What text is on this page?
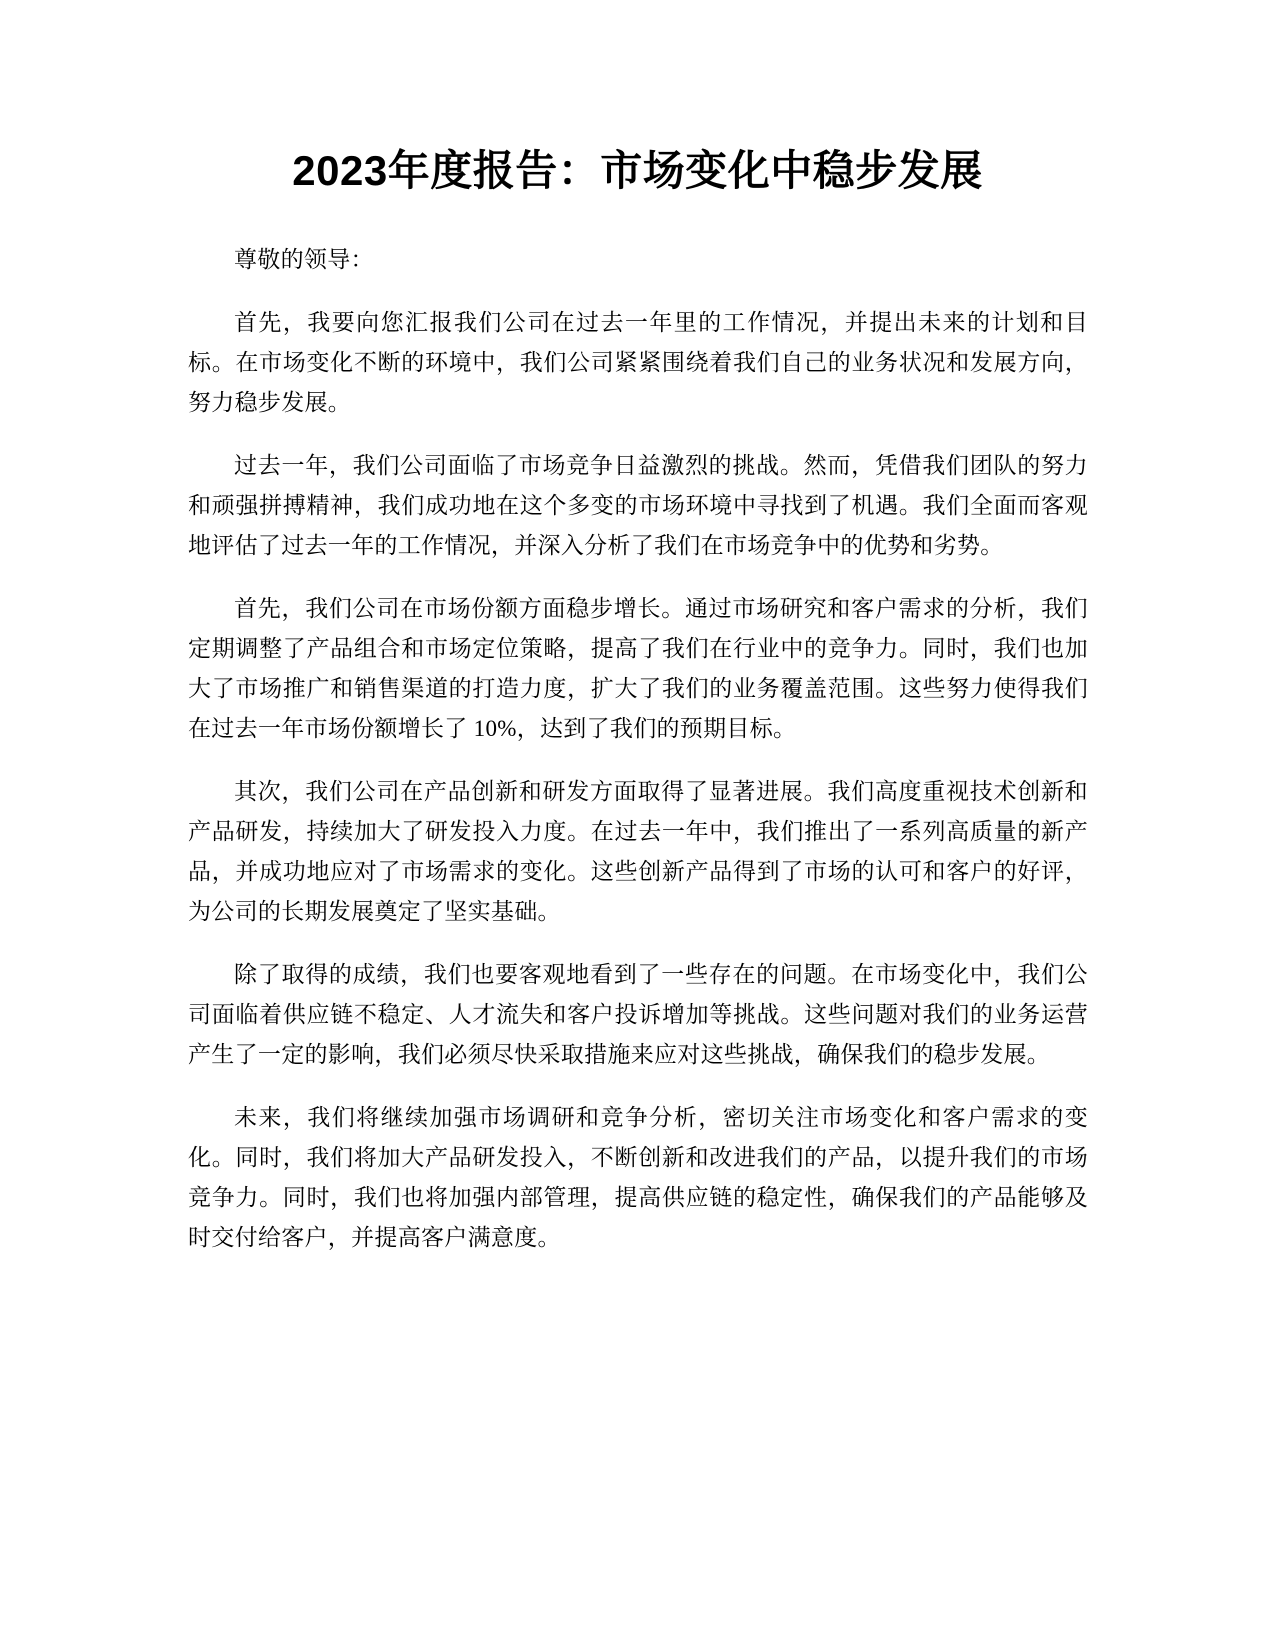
2023年度报告：市场变化中稳步发展

尊敬的领导：

首先，我要向您汇报我们公司在过去一年里的工作情况，并提出未来的计划和目标。在市场变化不断的环境中，我们公司紧紧围绕着我们自己的业务状况和发展方向，努力稳步发展。

过去一年，我们公司面临了市场竞争日益激烈的挑战。然而，凭借我们团队的努力和顽强拼搏精神，我们成功地在这个多变的市场环境中寻找到了机遇。我们全面而客观地评估了过去一年的工作情况，并深入分析了我们在市场竞争中的优势和劣势。

首先，我们公司在市场份额方面稳步增长。通过市场研究和客户需求的分析，我们定期调整了产品组合和市场定位策略，提高了我们在行业中的竞争力。同时，我们也加大了市场推广和销售渠道的打造力度，扩大了我们的业务覆盖范围。这些努力使得我们在过去一年市场份额增长了 10%，达到了我们的预期目标。

其次，我们公司在产品创新和研发方面取得了显著进展。我们高度重视技术创新和产品研发，持续加大了研发投入力度。在过去一年中，我们推出了一系列高质量的新产品，并成功地应对了市场需求的变化。这些创新产品得到了市场的认可和客户的好评，为公司的长期发展奠定了坚实基础。

除了取得的成绩，我们也要客观地看到了一些存在的问题。在市场变化中，我们公司面临着供应链不稳定、人才流失和客户投诉增加等挑战。这些问题对我们的业务运营产生了一定的影响，我们必须尽快采取措施来应对这些挑战，确保我们的稳步发展。

未来，我们将继续加强市场调研和竞争分析，密切关注市场变化和客户需求的变化。同时，我们将加大产品研发投入，不断创新和改进我们的产品，以提升我们的市场竞争力。同时，我们也将加强内部管理，提高供应链的稳定性，确保我们的产品能够及时交付给客户，并提高客户满意度。
